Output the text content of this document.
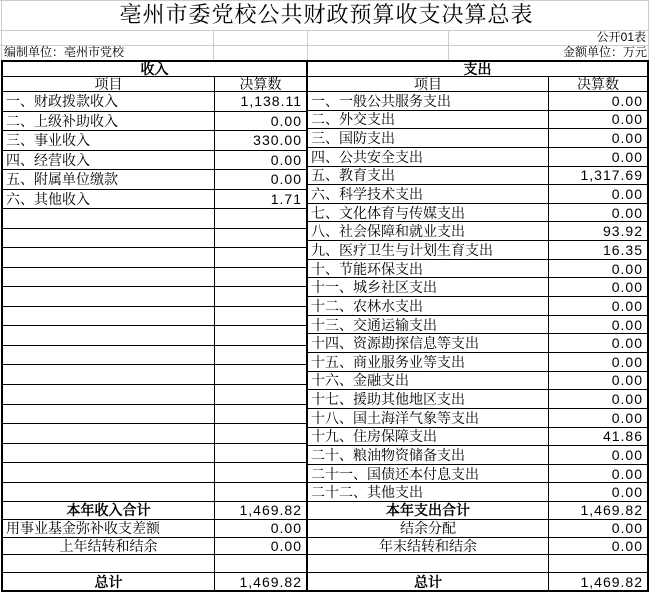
亳州市委党校公共财政预算收支决算总表
公开01表
编制单位：亳州市党校	金额单位：万元
收入
项目	决算数
一、财政拨款收入	1,138.11
二、上级补助收入	0.00
三、事业收入	330.00
四、经营收入	0.00
五、附属单位缴款	0.00
六、其他收入	1.71
本年收入合计	1,469.82
用事业基金弥补收支差额	0.00
上年结转和结余	0.00
总计	1,469.82
支出
项目	决算数
一、一般公共服务支出	0.00
二、外交支出	0.00
三、国防支出	0.00
四、公共安全支出	0.00
五、教育支出	1,317.69
六、科学技术支出	0.00
七、文化体育与传媒支出	0.00
八、社会保障和就业支出	93.92
九、医疗卫生与计划生育支出	16.35
十、节能环保支出	0.00
十一、城乡社区支出	0.00
十二、农林水支出	0.00
十三、交通运输支出	0.00
十四、资源勘探信息等支出	0.00
十五、商业服务业等支出	0.00
十六、金融支出	0.00
十七、援助其他地区支出	0.00
十八、国土海洋气象等支出	0.00
十九、住房保障支出	41.86
二十、粮油物资储备支出	0.00
二十一、国债还本付息支出	0.00
二十二、其他支出	0.00
本年支出合计	1,469.82
结余分配	0.00
年末结转和结余	0.00
总计	1,469.82
